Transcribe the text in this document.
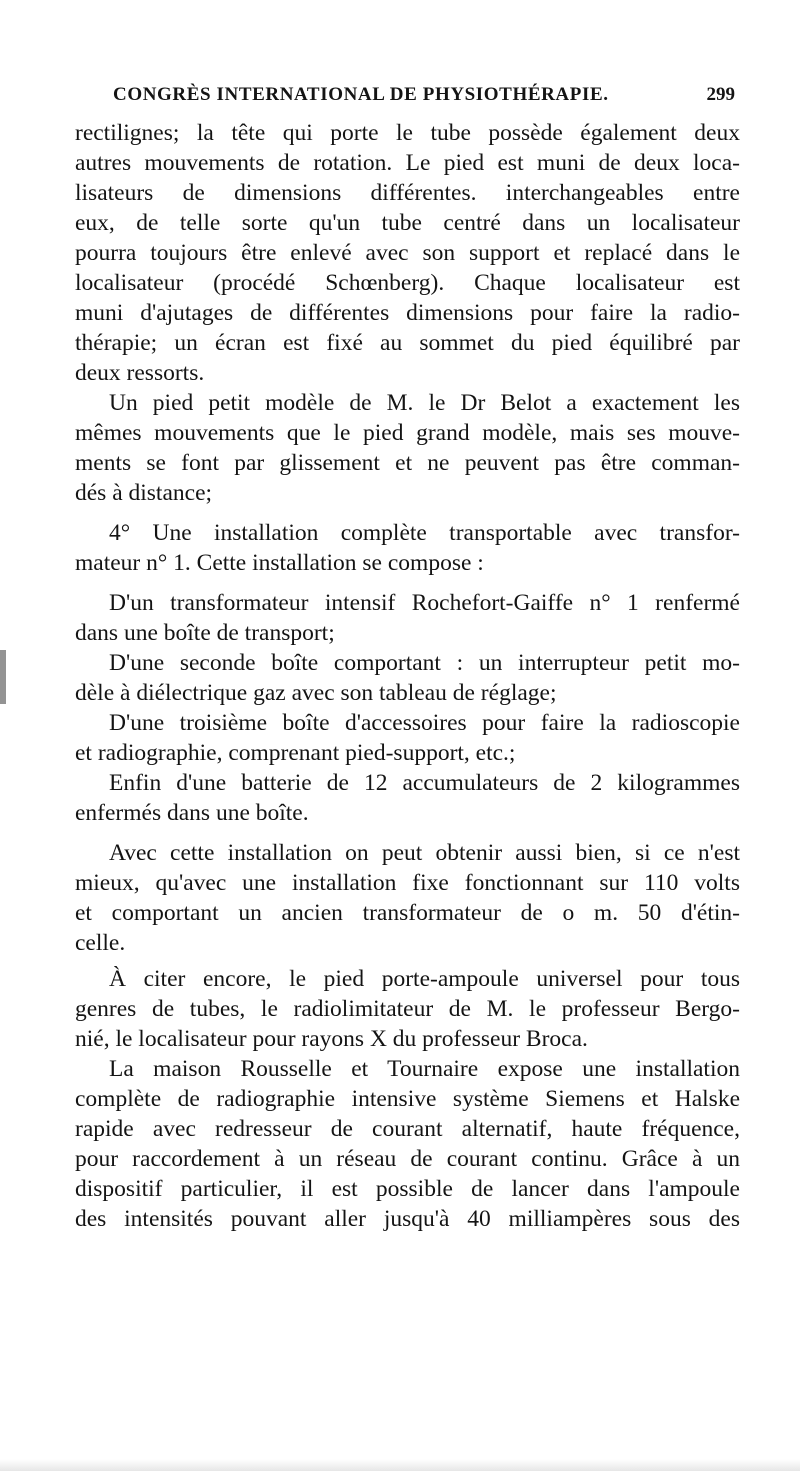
CONGRÈS INTERNATIONAL DE PHYSIOTHÉRAPIE.	299
rectilignes; la tête qui porte le tube possède également deux
autres mouvements de rotation. Le pied est muni de deux loca-
lisateurs de dimensions différentes. interchangeables entre
eux, de telle sorte qu'un tube centré dans un localisateur
pourra toujours être enlevé avec son support et replacé dans le
localisateur (procédé Schœnberg). Chaque localisateur est
muni d'ajutages de différentes dimensions pour faire la radio-
thérapie; un écran est fixé au sommet du pied équilibré par
deux ressorts.
Un pied petit modèle de M. le Dr Belot a exactement les
mêmes mouvements que le pied grand modèle, mais ses mouve-
ments se font par glissement et ne peuvent pas être comman-
dés à distance;
4° Une installation complète transportable avec transfor-
mateur n° 1. Cette installation se compose :
D'un transformateur intensif Rochefort-Gaiffe n° 1 renfermé
dans une boîte de transport;
D'une seconde boîte comportant : un interrupteur petit mo-
dèle à diélectrique gaz avec son tableau de réglage;
D'une troisième boîte d'accessoires pour faire la radioscopie
et radiographie, comprenant pied-support, etc.;
Enfin d'une batterie de 12 accumulateurs de 2 kilogrammes
enfermés dans une boîte.
Avec cette installation on peut obtenir aussi bien, si ce n'est
mieux, qu'avec une installation fixe fonctionnant sur 110 volts
et comportant un ancien transformateur de o m. 50 d'étin-
celle.
À citer encore, le pied porte-ampoule universel pour tous
genres de tubes, le radiolimitateur de M. le professeur Bergo-
nié, le localisateur pour rayons X du professeur Broca.
La maison Rousselle et Tournaire expose une installation
complète de radiographie intensive système Siemens et Halske
rapide avec redresseur de courant alternatif, haute fréquence,
pour raccordement à un réseau de courant continu. Grâce à un
dispositif particulier, il est possible de lancer dans l'ampoule
des intensités pouvant aller jusqu'à 40 milliampères sous des
